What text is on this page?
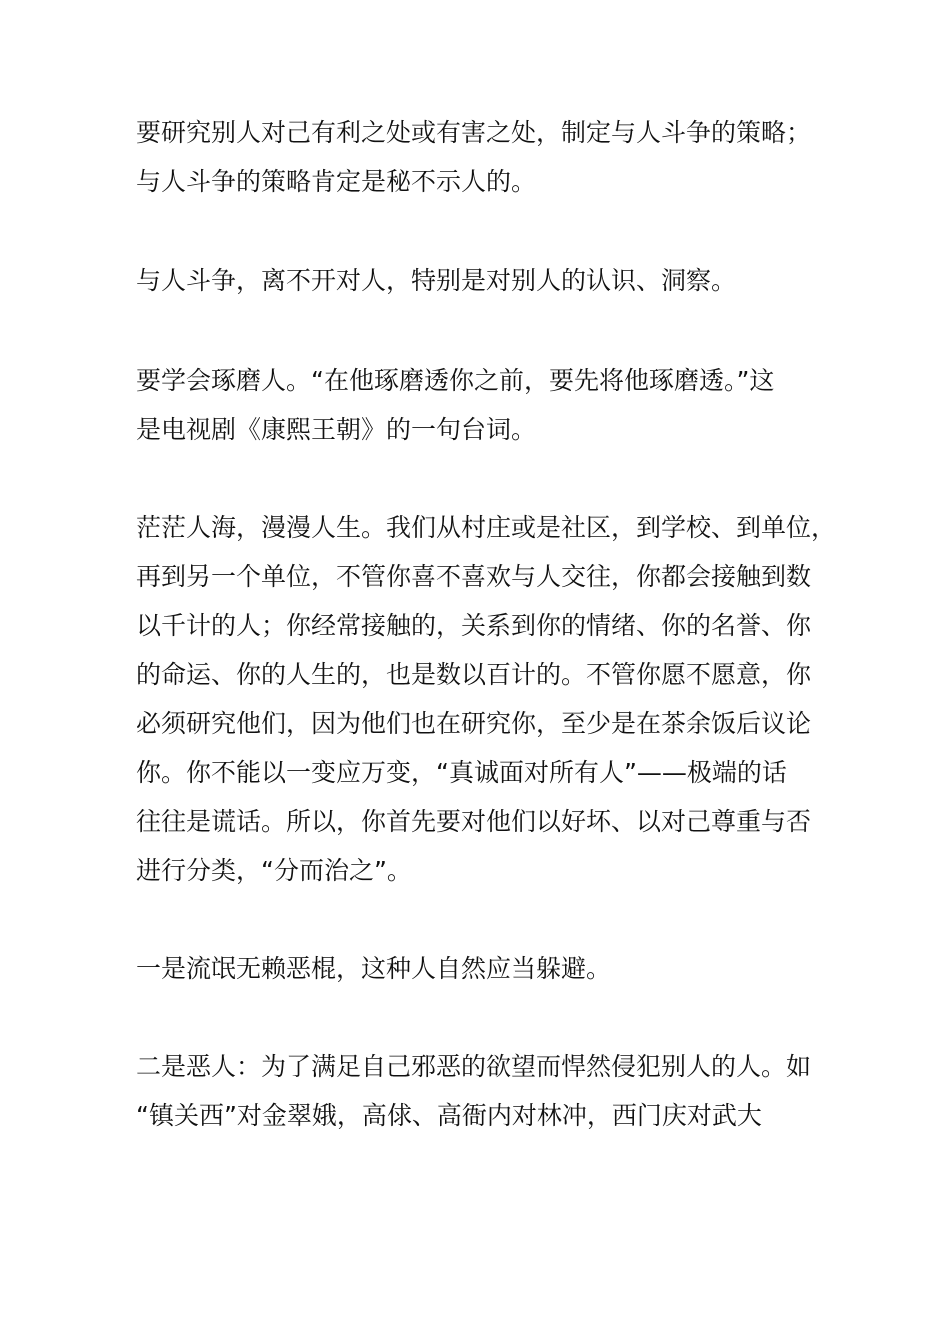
要研究别人对己有利之处或有害之处，制定与人斗争的策略；
与人斗争的策略肯定是秘不示人的。
与人斗争，离不开对人，特别是对别人的认识、洞察。
要学会琢磨人。“在他琢磨透你之前，要先将他琢磨透。”这
是电视剧《康熙王朝》的一句台词。
茫茫人海，漫漫人生。我们从村庄或是社区，到学校、到单位，
再到另一个单位，不管你喜不喜欢与人交往，你都会接触到数
以千计的人；你经常接触的，关系到你的情绪、你的名誉、你
的命运、你的人生的，也是数以百计的。不管你愿不愿意，你
必须研究他们，因为他们也在研究你，至少是在茶余饭后议论
你。你不能以一变应万变，“真诚面对所有人”——极端的话
往往是谎话。所以，你首先要对他们以好坏、以对己尊重与否
进行分类，“分而治之”。
一是流氓无赖恶棍，这种人自然应当躲避。
二是恶人：为了满足自己邪恶的欲望而悍然侵犯别人的人。如
“镇关西”对金翠娥，高俅、高衙内对林冲，西门庆对武大
